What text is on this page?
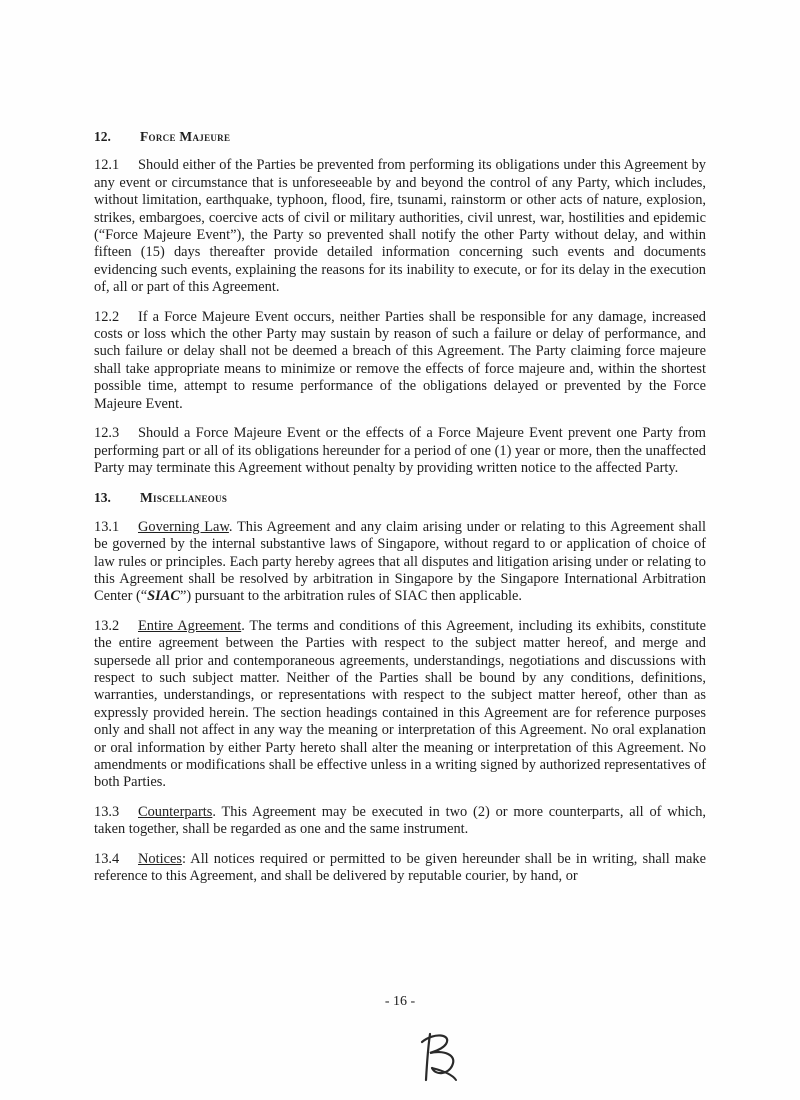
12. Force Majeure

12.1 Should either of the Parties be prevented from performing its obligations under this Agreement by any event or circumstance that is unforeseeable by and beyond the control of any Party, which includes, without limitation, earthquake, typhoon, flood, fire, tsunami, rainstorm or other acts of nature, explosion, strikes, embargoes, coercive acts of civil or military authorities, civil unrest, war, hostilities and epidemic (“Force Majeure Event”), the Party so prevented shall notify the other Party without delay, and within fifteen (15) days thereafter provide detailed information concerning such events and documents evidencing such events, explaining the reasons for its inability to execute, or for its delay in the execution of, all or part of this Agreement.

12.2 If a Force Majeure Event occurs, neither Parties shall be responsible for any damage, increased costs or loss which the other Party may sustain by reason of such a failure or delay of performance, and such failure or delay shall not be deemed a breach of this Agreement. The Party claiming force majeure shall take appropriate means to minimize or remove the effects of force majeure and, within the shortest possible time, attempt to resume performance of the obligations delayed or prevented by the Force Majeure Event.

12.3 Should a Force Majeure Event or the effects of a Force Majeure Event prevent one Party from performing part or all of its obligations hereunder for a period of one (1) year or more, then the unaffected Party may terminate this Agreement without penalty by providing written notice to the affected Party.

13. Miscellaneous

13.1 Governing Law. This Agreement and any claim arising under or relating to this Agreement shall be governed by the internal substantive laws of Singapore, without regard to or application of choice of law rules or principles. Each party hereby agrees that all disputes and litigation arising under or relating to this Agreement shall be resolved by arbitration in Singapore by the Singapore International Arbitration Center (“SIAC”) pursuant to the arbitration rules of SIAC then applicable.

13.2 Entire Agreement. The terms and conditions of this Agreement, including its exhibits, constitute the entire agreement between the Parties with respect to the subject matter hereof, and merge and supersede all prior and contemporaneous agreements, understandings, negotiations and discussions with respect to such subject matter. Neither of the Parties shall be bound by any conditions, definitions, warranties, understandings, or representations with respect to the subject matter hereof, other than as expressly provided herein. The section headings contained in this Agreement are for reference purposes only and shall not affect in any way the meaning or interpretation of this Agreement. No oral explanation or oral information by either Party hereto shall alter the meaning or interpretation of this Agreement. No amendments or modifications shall be effective unless in a writing signed by authorized representatives of both Parties.

13.3 Counterparts. This Agreement may be executed in two (2) or more counterparts, all of which, taken together, shall be regarded as one and the same instrument.

13.4 Notices: All notices required or permitted to be given hereunder shall be in writing, shall make reference to this Agreement, and shall be delivered by reputable courier, by hand, or

- 16 -
